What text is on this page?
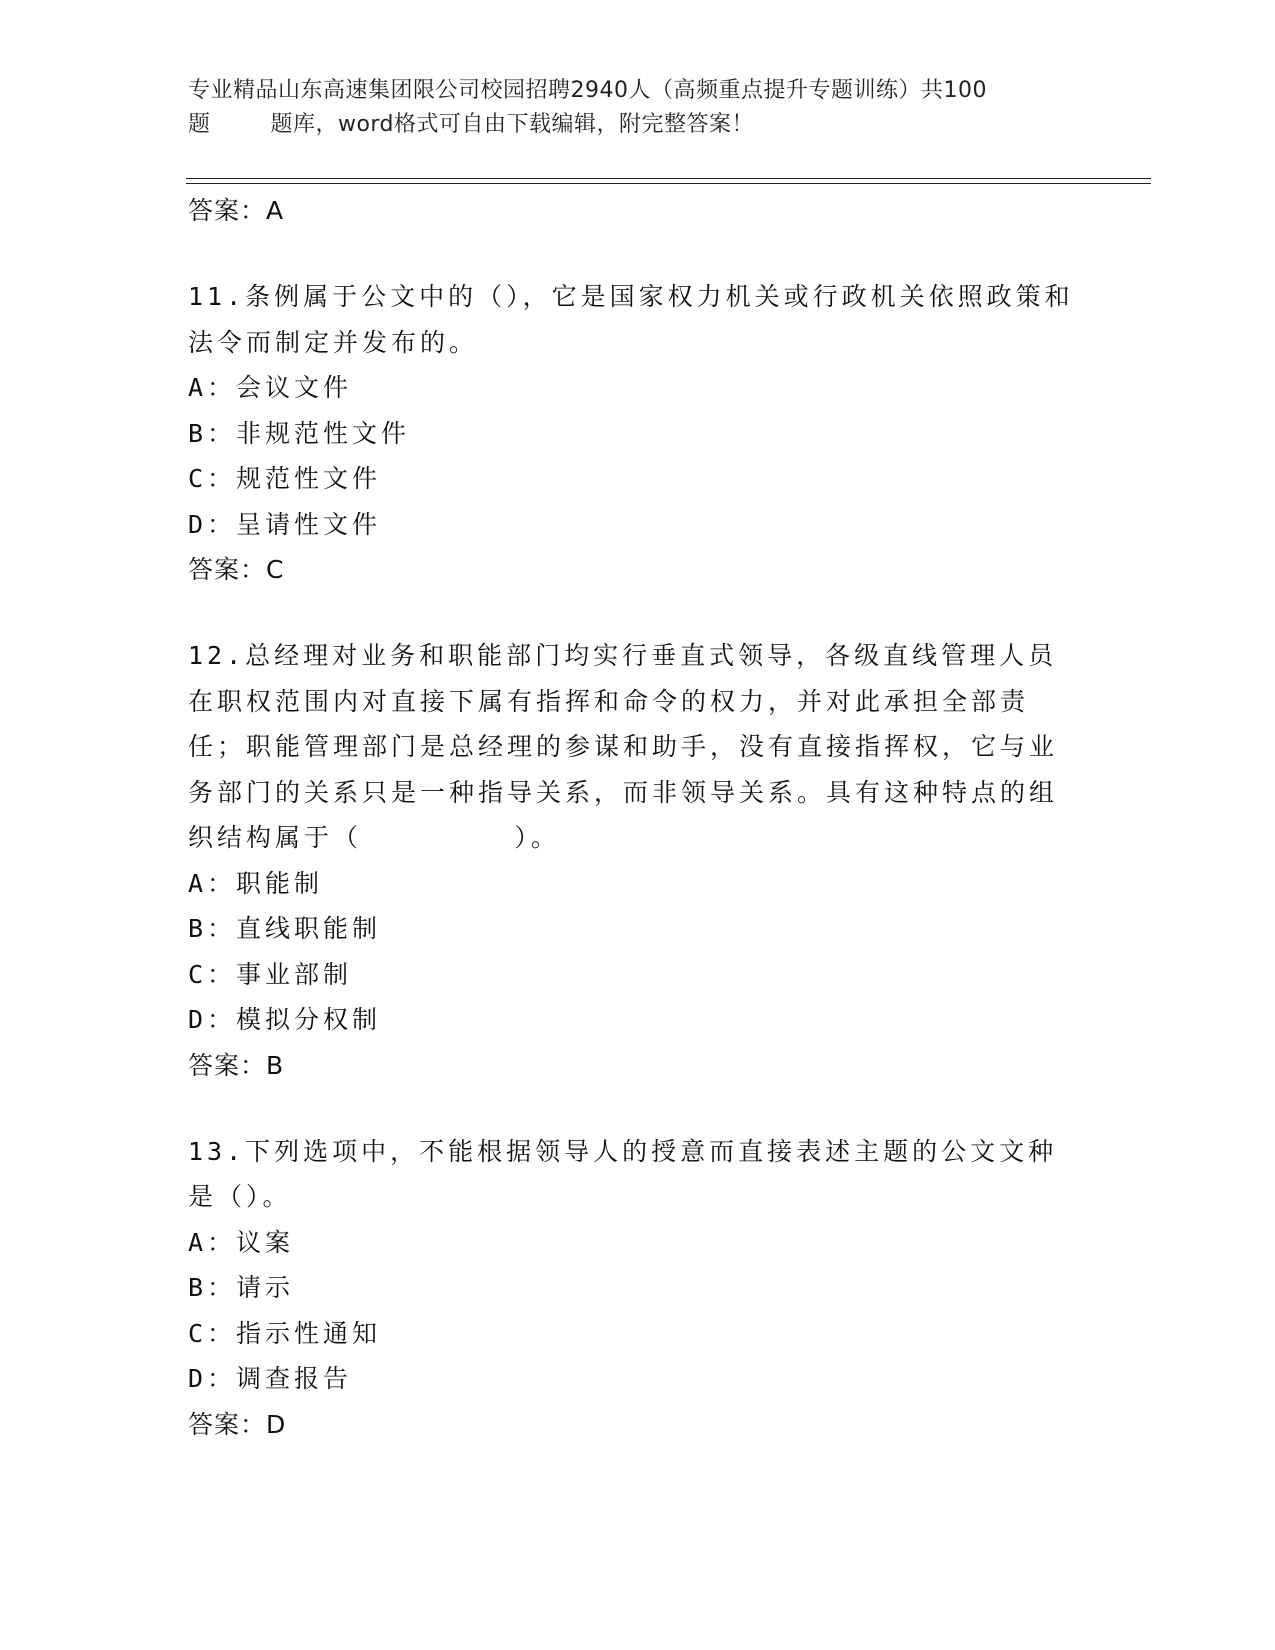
专业精品山东高速集团限公司校园招聘2940人（高频重点提升专题训练）共100
题        题库，word格式可自由下载编辑，附完整答案！
答案：A
11.条例属于公文中的（），它是国家权力机关或行政机关依照政策和法令而制定并发布的。
A：会议文件
B：非规范性文件
C：规范性文件
D：呈请性文件
答案：C
12.总经理对业务和职能部门均实行垂直式领导，各级直线管理人员在职权范围内对直接下属有指挥和命令的权力，并对此承担全部责任；职能管理部门是总经理的参谋和助手，没有直接指挥权，它与业务部门的关系只是一种指导关系，而非领导关系。具有这种特点的组织结构属于（        ）。
A：职能制
B：直线职能制
C：事业部制
D：模拟分权制
答案：B
13.下列选项中，不能根据领导人的授意而直接表述主题的公文文种是（）。
A：议案
B：请示
C：指示性通知
D：调查报告
答案：D
